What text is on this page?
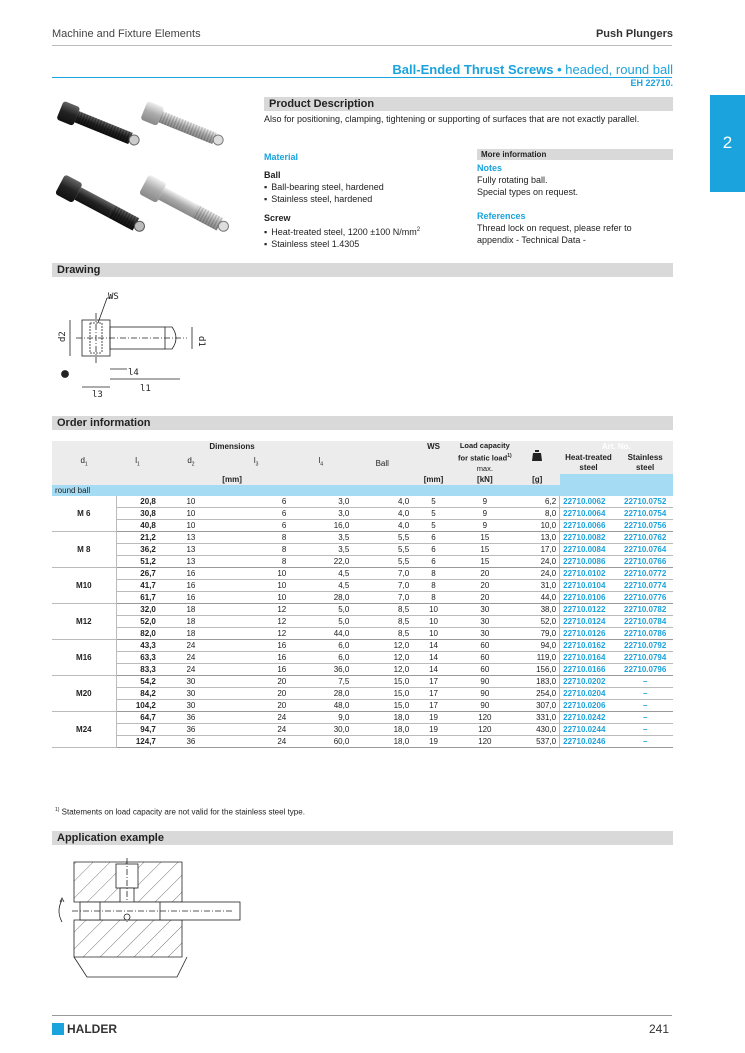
Machine and Fixture Elements	Push Plungers
Ball-Ended Thrust Screws • headed, round ball
EH 22710.
2
Product Description
Also for positioning, clamping, tightening or supporting of surfaces that are not exactly parallel.
Material
Ball
▪ Ball-bearing steel, hardened
▪ Stainless steel, hardened
Screw
▪ Heat-treated steel, 1200 ±100 $N/mm^2$
▪ Stainless steel 1.4305
More information
Notes
Fully rotating ball.
Special types on request.
References
Thread lock on request, please refer to appendix - Technical Data -
Drawing
WS
d2	d1
l1
l3
l4
Order information
Dimensions						WS	Load capacity for static load$^{1)}$
max.		Art. No.	
$d_1$	$l_1$	$d_2$	$l_3$	$l_4$	Ball				Heat-treated steel	Stainless steel
[mm]						[mm]	[kN]	[g]		
round ball										
M 6	20,8	10	6	3,0	4,0	5	9	6,2	22710.0062	22710.0752
	30,8	10	6	3,0	4,0	5	9	8,0	22710.0064	22710.0754
	40,8	10	6	16,0	4,0	5	9	10,0	22710.0066	22710.0756
M 8	21,2	13	8	3,5	5,5	6	15	13,0	22710.0082	22710.0762
	36,2	13	8	3,5	5,5	6	15	17,0	22710.0084	22710.0764
	51,2	13	8	22,0	5,5	6	15	24,0	22710.0086	22710.0766
M10	26,7	16	10	4,5	7,0	8	20	24,0	22710.0102	22710.0772
	41,7	16	10	4,5	7,0	8	20	31,0	22710.0104	22710.0774
	61,7	16	10	28,0	7,0	8	20	44,0	22710.0106	22710.0776
M12	32,0	18	12	5,0	8,5	10	30	38,0	22710.0122	22710.0782
	52,0	18	12	5,0	8,5	10	30	52,0	22710.0124	22710.0784
	82,0	18	12	44,0	8,5	10	30	79,0	22710.0126	22710.0786
M16	43,3	24	16	6,0	12,0	14	60	94,0	22710.0162	22710.0792
	63,3	24	16	6,0	12,0	14	60	119,0	22710.0164	22710.0794
	83,3	24	16	36,0	12,0	14	60	156,0	22710.0166	22710.0796
M20	54,2	30	20	7,5	15,0	17	90	183,0	22710.0202	–
	84,2	30	20	28,0	15,0	17	90	254,0	22710.0204	–
	104,2	30	20	48,0	15,0	17	90	307,0	22710.0206	–
M24	64,7	36	24	9,0	18,0	19	120	331,0	22710.0242	–
	94,7	36	24	30,0	18,0	19	120	430,0	22710.0244	–
	124,7	36	24	60,0	18,0	19	120	537,0	22710.0246	–
$^{1)}$ Statements on load capacity are not valid for the stainless steel type.
Application example
HALDER	241
